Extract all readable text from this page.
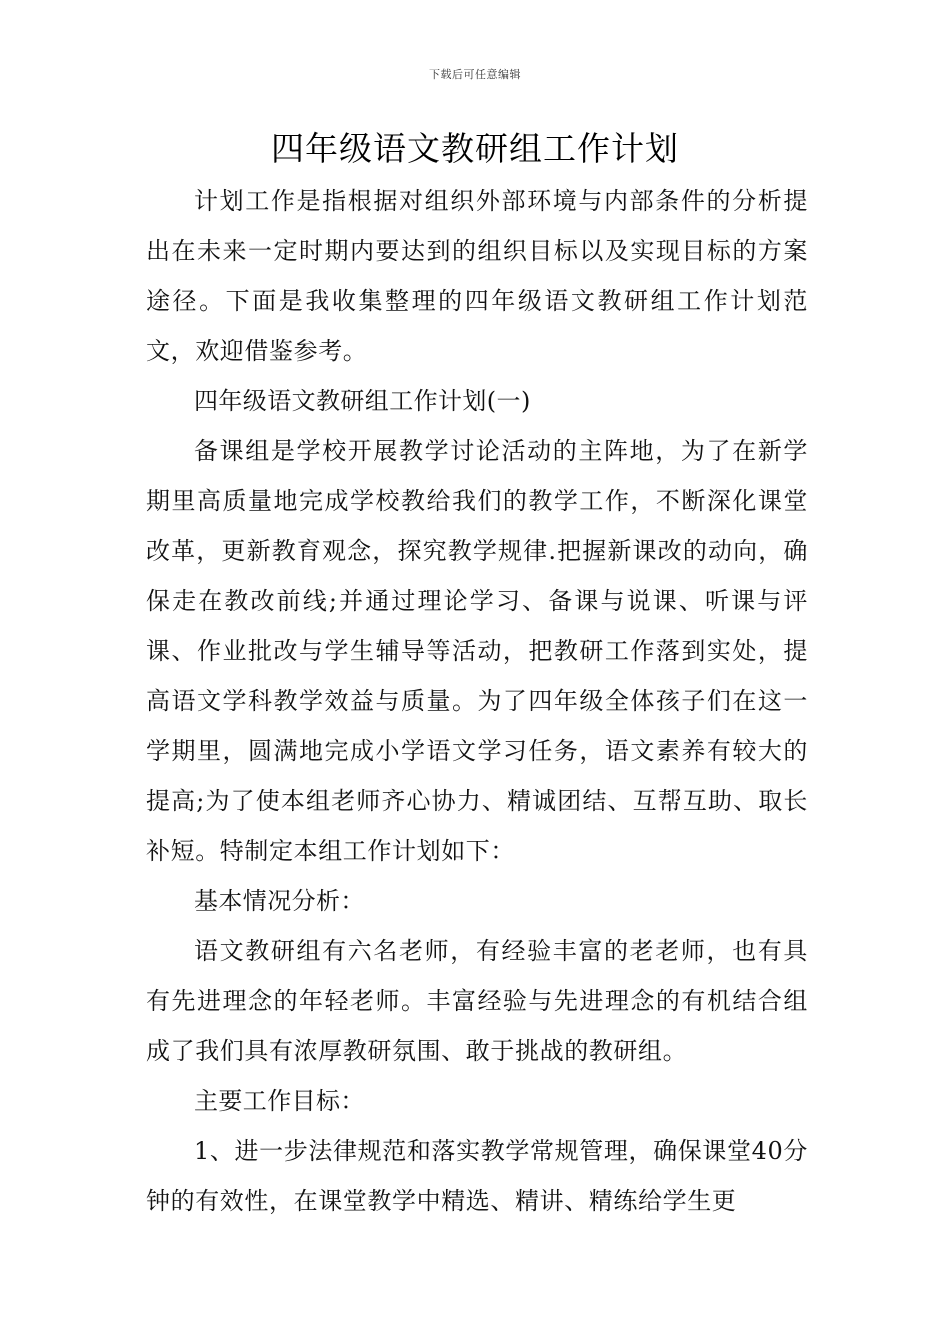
下载后可任意编辑
四年级语文教研组工作计划

计划工作是指根据对组织外部环境与内部条件的分析提出在未来一定时期内要达到的组织目标以及实现目标的方案途径。下面是我收集整理的四年级语文教研组工作计划范文，欢迎借鉴参考。

四年级语文教研组工作计划(一)

备课组是学校开展教学讨论活动的主阵地，为了在新学期里高质量地完成学校教给我们的教学工作，不断深化课堂改革，更新教育观念，探究教学规律.把握新课改的动向，确保走在教改前线;并通过理论学习、备课与说课、听课与评课、作业批改与学生辅导等活动，把教研工作落到实处，提高语文学科教学效益与质量。为了四年级全体孩子们在这一学期里，圆满地完成小学语文学习任务，语文素养有较大的提高;为了使本组老师齐心协力、精诚团结、互帮互助、取长补短。特制定本组工作计划如下：

基本情况分析：

语文教研组有六名老师，有经验丰富的老老师，也有具有先进理念的年轻老师。丰富经验与先进理念的有机结合组成了我们具有浓厚教研氛围、敢于挑战的教研组。

主要工作目标：

1、进一步法律规范和落实教学常规管理，确保课堂40分钟的有效性，在课堂教学中精选、精讲、精练给学生更
